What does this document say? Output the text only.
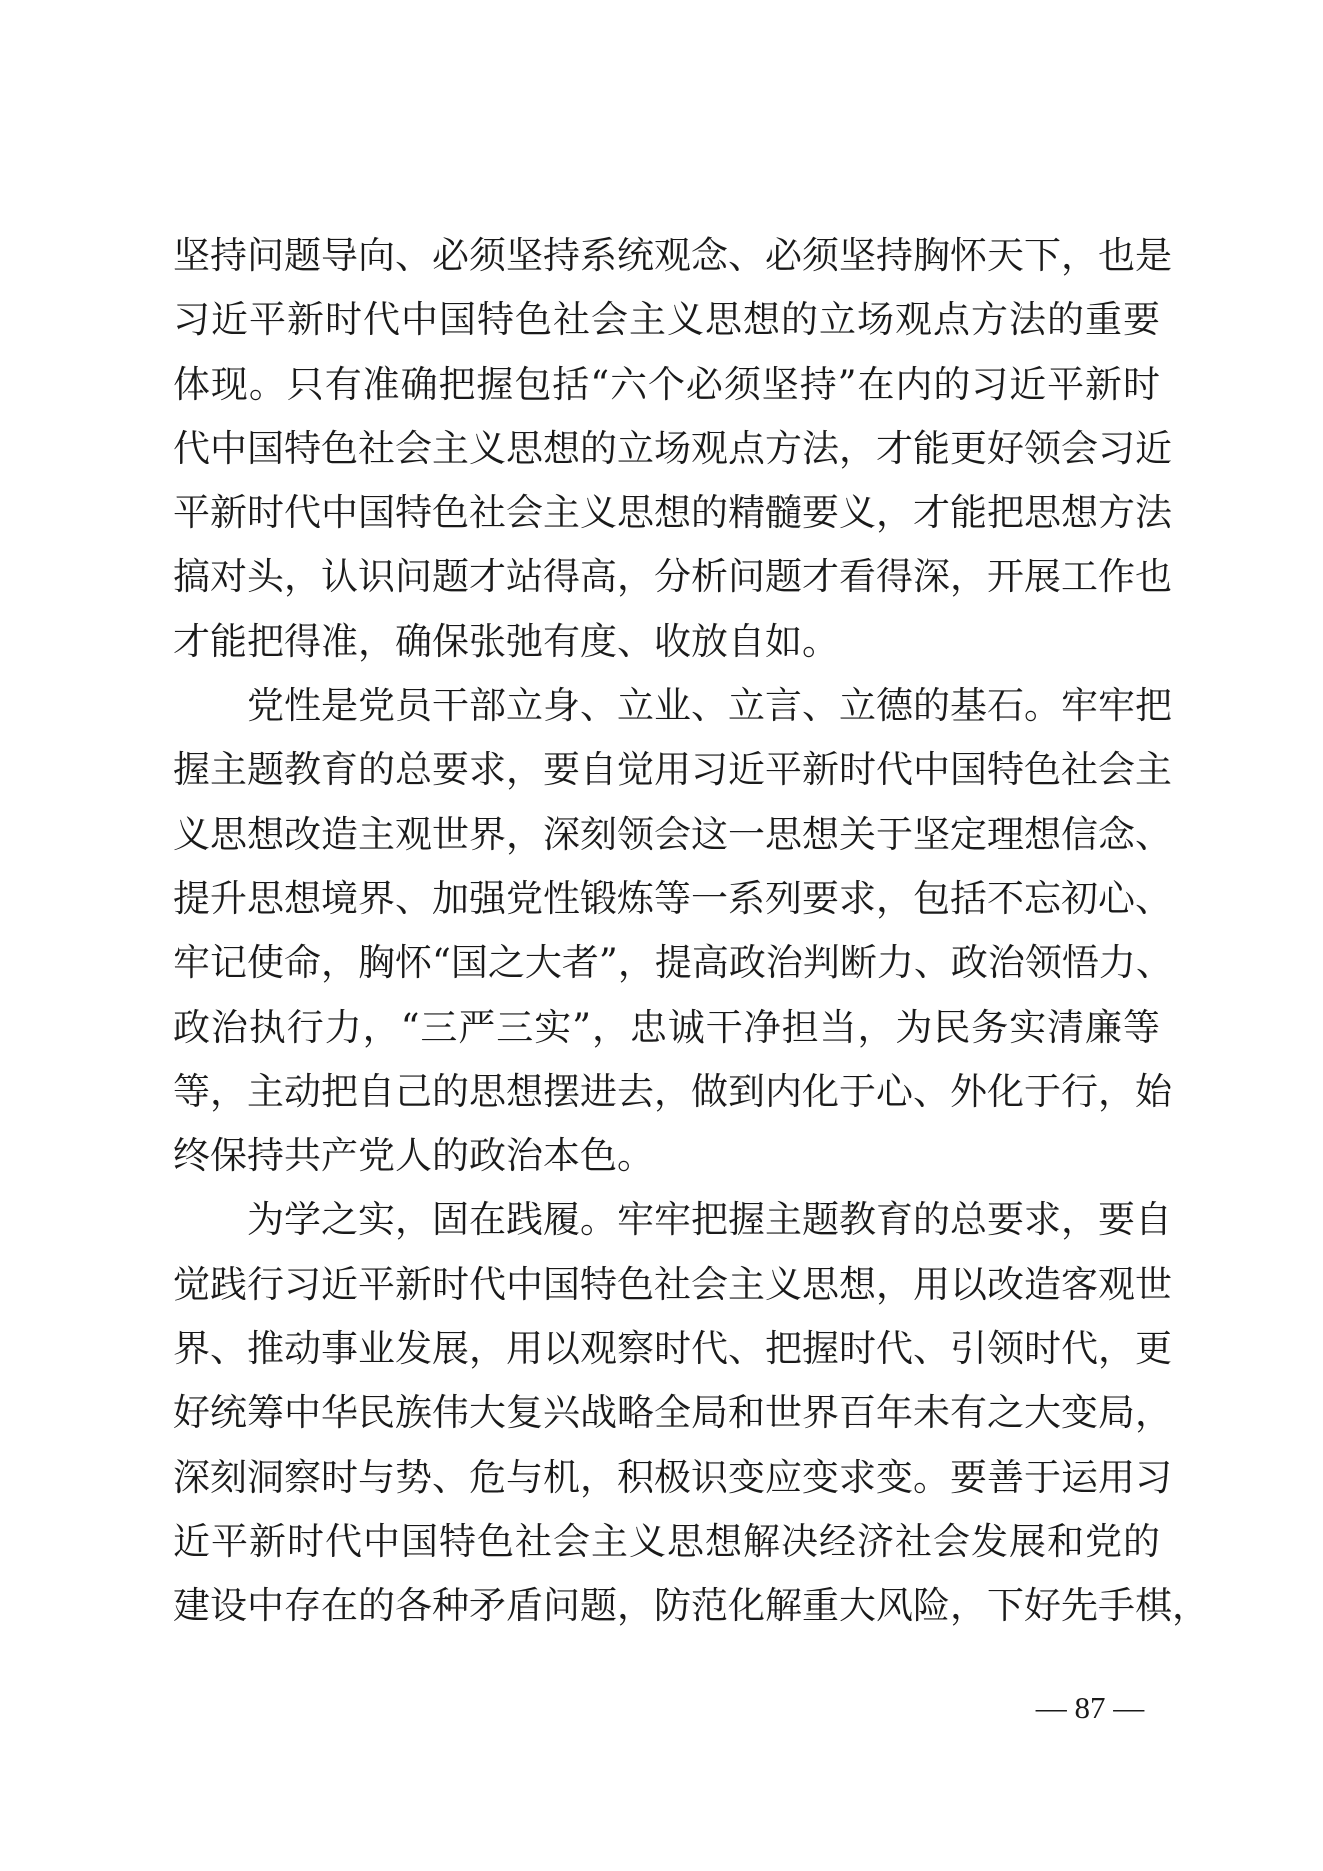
坚持问题导向、必须坚持系统观念、必须坚持胸怀天下，也是
习近平新时代中国特色社会主义思想的立场观点方法的重要
体现。只有准确把握包括“六个必须坚持”在内的习近平新时
代中国特色社会主义思想的立场观点方法，才能更好领会习近
平新时代中国特色社会主义思想的精髓要义，才能把思想方法
搞对头，认识问题才站得高，分析问题才看得深，开展工作也
才能把得准，确保张弛有度、收放自如。
党性是党员干部立身、立业、立言、立德的基石。牢牢把
握主题教育的总要求，要自觉用习近平新时代中国特色社会主
义思想改造主观世界，深刻领会这一思想关于坚定理想信念、
提升思想境界、加强党性锻炼等一系列要求，包括不忘初心、
牢记使命，胸怀“国之大者”，提高政治判断力、政治领悟力、
政治执行力，“三严三实”，忠诚干净担当，为民务实清廉等
等，主动把自己的思想摆进去，做到内化于心、外化于行，始
终保持共产党人的政治本色。
为学之实，固在践履。牢牢把握主题教育的总要求，要自
觉践行习近平新时代中国特色社会主义思想，用以改造客观世
界、推动事业发展，用以观察时代、把握时代、引领时代，更
好统筹中华民族伟大复兴战略全局和世界百年未有之大变局，
深刻洞察时与势、危与机，积极识变应变求变。要善于运用习
近平新时代中国特色社会主义思想解决经济社会发展和党的
建设中存在的各种矛盾问题，防范化解重大风险，下好先手棋，
— 87 —
